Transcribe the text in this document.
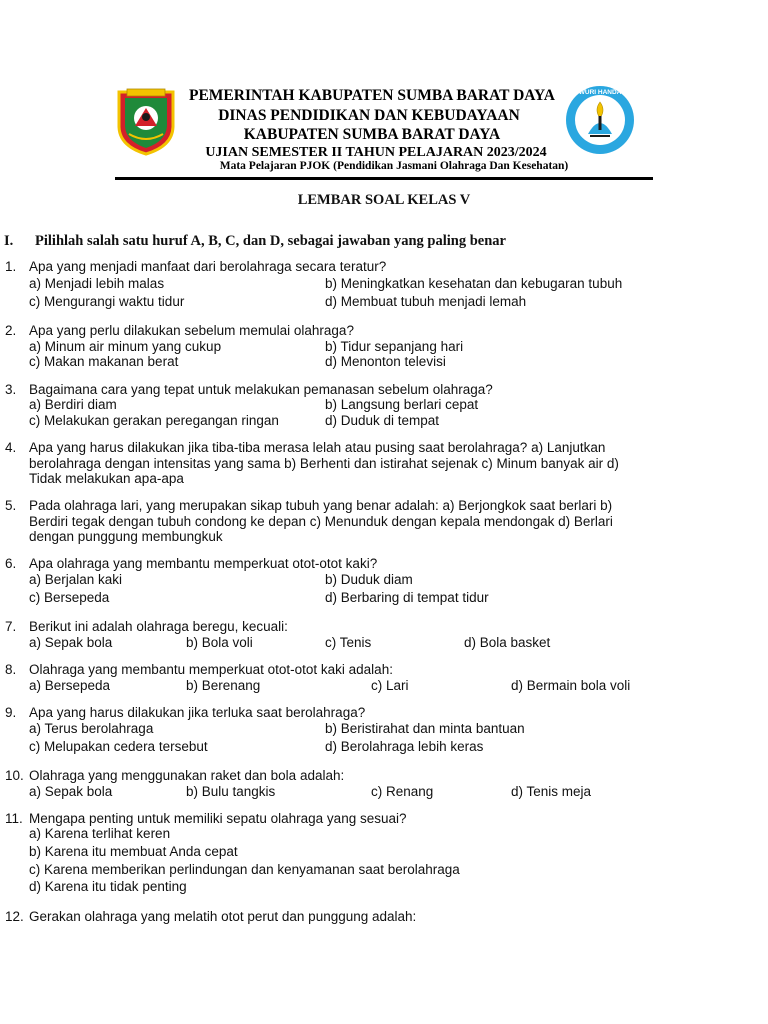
PEMERINTAH KABUPATEN SUMBA BARAT DAYA
DINAS PENDIDIKAN DAN KEBUDAYAAN
KABUPATEN SUMBA BARAT DAYA
UJIAN SEMESTER II TAHUN PELAJARAN 2023/2024
Mata Pelajaran PJOK (Pendidikan Jasmani Olahraga Dan Kesehatan)
TUT WURI HANDAYANI
LEMBAR SOAL KELAS V
I. Pilihlah salah satu huruf A, B, C, dan D, sebagai jawaban yang paling benar
1. Apa yang menjadi manfaat dari berolahraga secara teratur?
a) Menjadi lebih malas	b) Meningkatkan kesehatan dan kebugaran tubuh
c) Mengurangi waktu tidur	d) Membuat tubuh menjadi lemah
2. Apa yang perlu dilakukan sebelum memulai olahraga?
a) Minum air minum yang cukup	b) Tidur sepanjang hari
c) Makan makanan berat	d) Menonton televisi
3. Bagaimana cara yang tepat untuk melakukan pemanasan sebelum olahraga?
a) Berdiri diam	b) Langsung berlari cepat
c) Melakukan gerakan peregangan ringan	d) Duduk di tempat
4. Apa yang harus dilakukan jika tiba-tiba merasa lelah atau pusing saat berolahraga? a) Lanjutkan berolahraga dengan intensitas yang sama b) Berhenti dan istirahat sejenak c) Minum banyak air d) Tidak melakukan apa-apa
5. Pada olahraga lari, yang merupakan sikap tubuh yang benar adalah: a) Berjongkok saat berlari b) Berdiri tegak dengan tubuh condong ke depan c) Menunduk dengan kepala mendongak d) Berlari dengan punggung membungkuk
6. Apa olahraga yang membantu memperkuat otot-otot kaki?
a) Berjalan kaki	b) Duduk diam
c) Bersepeda	d) Berbaring di tempat tidur
7. Berikut ini adalah olahraga beregu, kecuali:
a) Sepak bola	b) Bola voli	c) Tenis	d) Bola basket
8. Olahraga yang membantu memperkuat otot-otot kaki adalah:
a) Bersepeda	b) Berenang	c) Lari	d) Bermain bola voli
9. Apa yang harus dilakukan jika terluka saat berolahraga?
a) Terus berolahraga	b) Beristirahat dan minta bantuan
c) Melupakan cedera tersebut	d) Berolahraga lebih keras
10. Olahraga yang menggunakan raket dan bola adalah:
a) Sepak bola	b) Bulu tangkis	c) Renang	d) Tenis meja
11. Mengapa penting untuk memiliki sepatu olahraga yang sesuai?
a) Karena terlihat keren
b) Karena itu membuat Anda cepat
c) Karena memberikan perlindungan dan kenyamanan saat berolahraga
d) Karena itu tidak penting
12. Gerakan olahraga yang melatih otot perut dan punggung adalah:
